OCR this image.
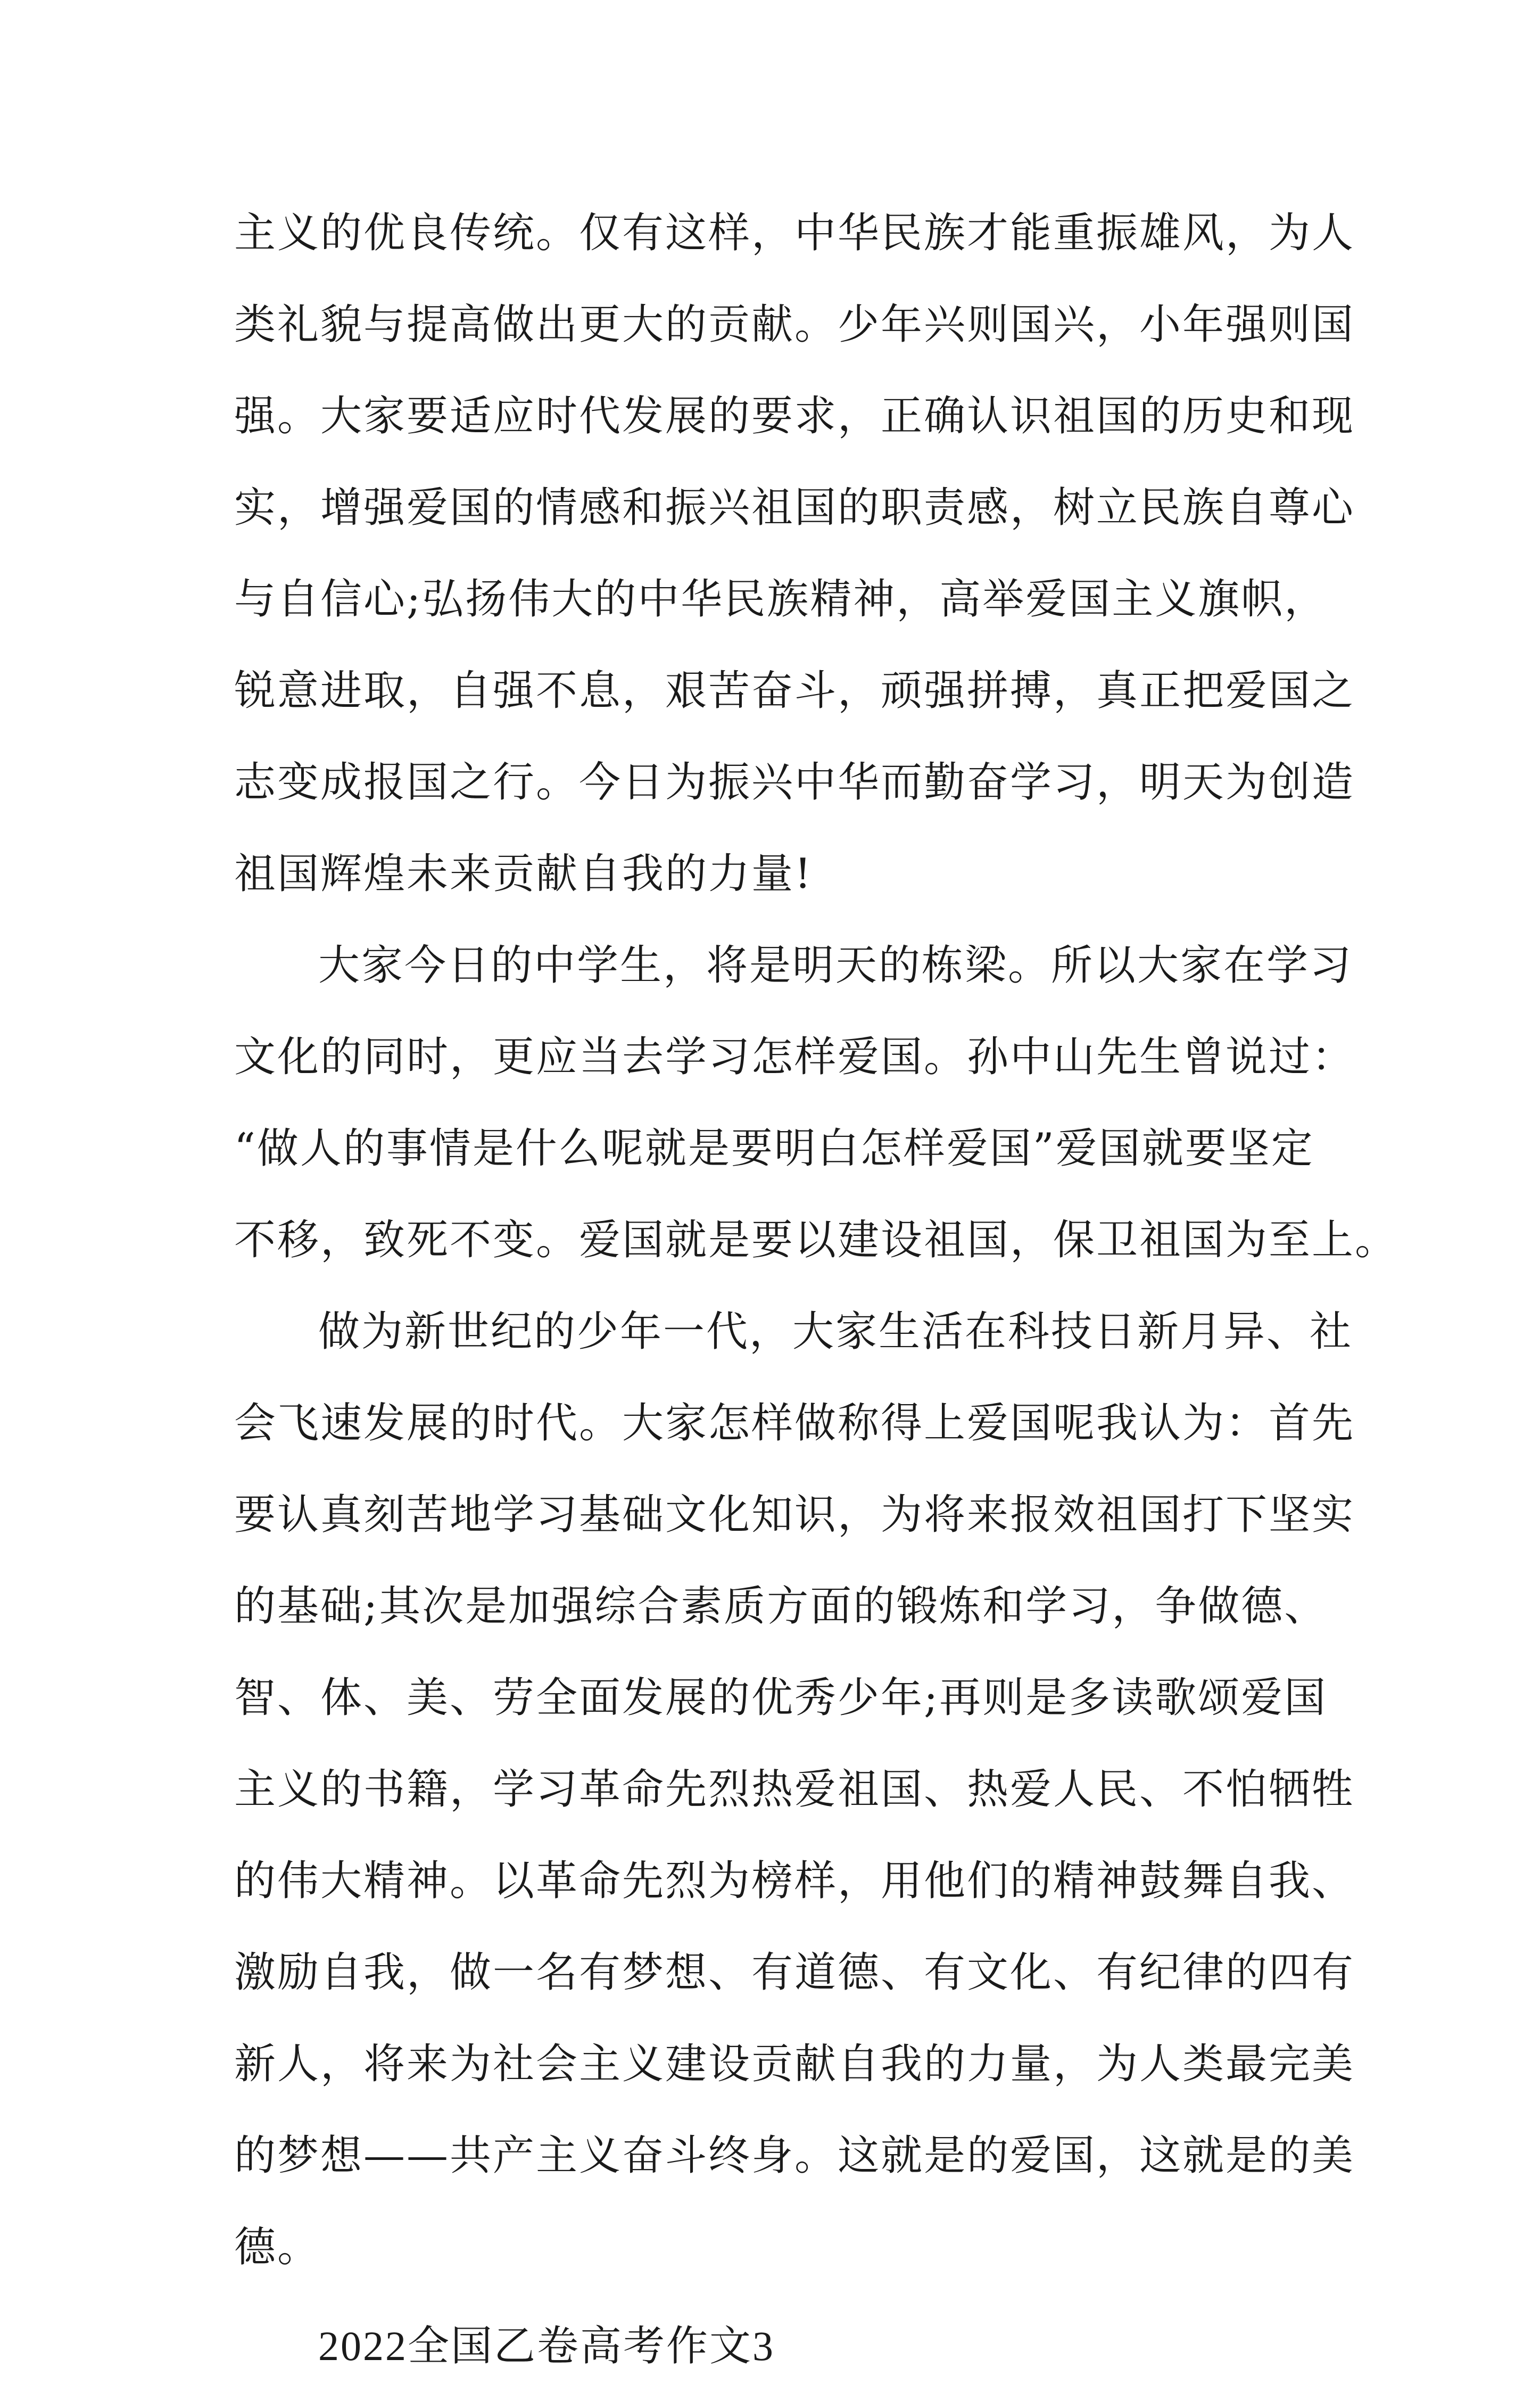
主义的优良传统。仅有这样，中华民族才能重振雄风，为人
类礼貌与提高做出更大的贡献。少年兴则国兴，小年强则国
强。大家要适应时代发展的要求，正确认识祖国的历史和现
实，增强爱国的情感和振兴祖国的职责感，树立民族自尊心
与自信心;弘扬伟大的中华民族精神，高举爱国主义旗帜，
锐意进取，自强不息，艰苦奋斗，顽强拼搏，真正把爱国之
志变成报国之行。今日为振兴中华而勤奋学习，明天为创造
祖国辉煌未来贡献自我的力量!
大家今日的中学生，将是明天的栋梁。所以大家在学习
文化的同时，更应当去学习怎样爱国。孙中山先生曾说过：
“做人的事情是什么呢就是要明白怎样爱国”爱国就要坚定
不移，致死不变。爱国就是要以建设祖国，保卫祖国为至上。
做为新世纪的少年一代，大家生活在科技日新月异、社
会飞速发展的时代。大家怎样做称得上爱国呢我认为：首先
要认真刻苦地学习基础文化知识，为将来报效祖国打下坚实
的基础;其次是加强综合素质方面的锻炼和学习，争做德、
智、体、美、劳全面发展的优秀少年;再则是多读歌颂爱国
主义的书籍，学习革命先烈热爱祖国、热爱人民、不怕牺牲
的伟大精神。以革命先烈为榜样，用他们的精神鼓舞自我、
激励自我，做一名有梦想、有道德、有文化、有纪律的四有
新人，将来为社会主义建设贡献自我的力量，为人类最完美
的梦想——共产主义奋斗终身。这就是的爱国，这就是的美
德。
2022全国乙卷高考作文3
